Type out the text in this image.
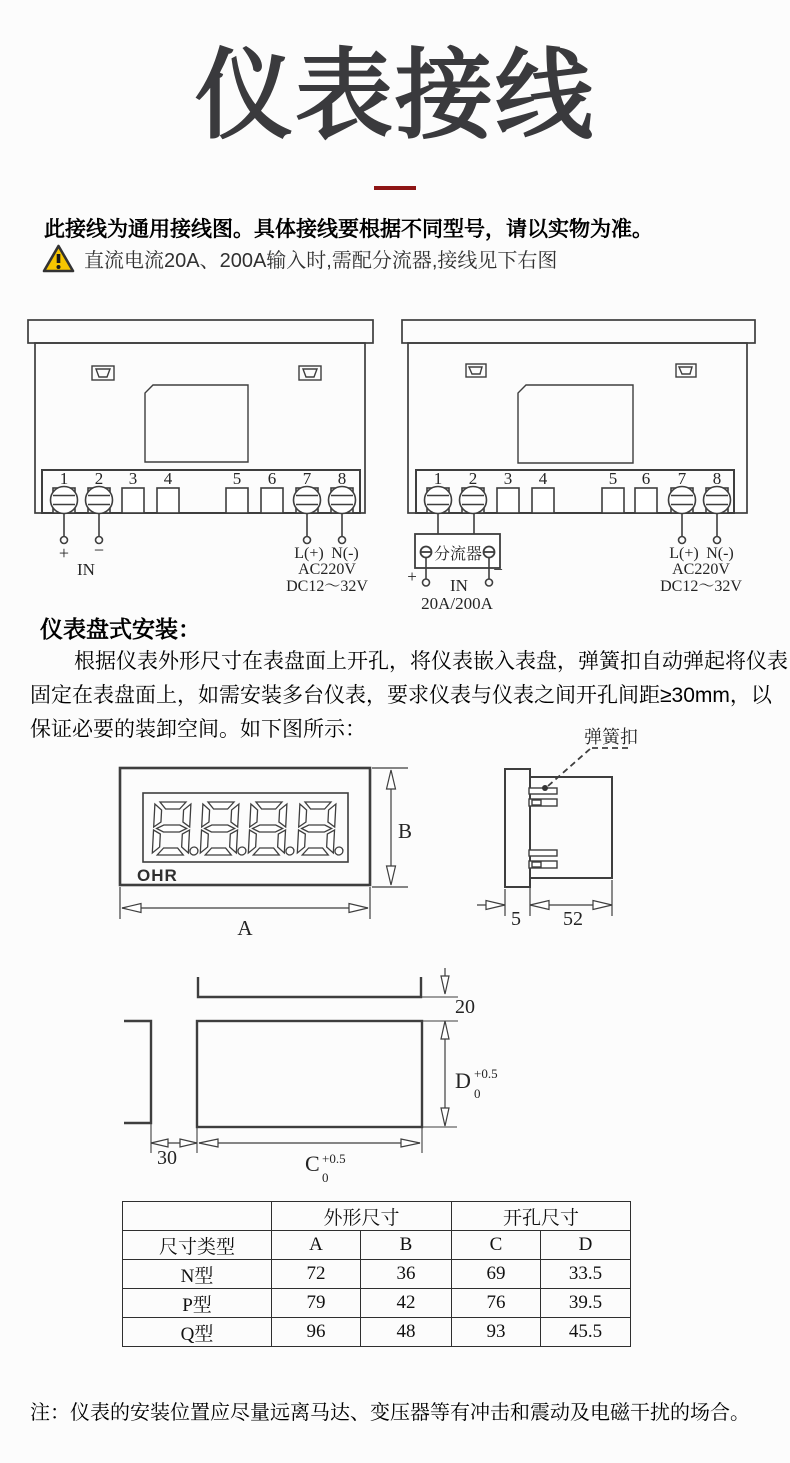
仪表接线
此接线为通用接线图。具体接线要根据不同型号，请以实物为准。
直流电流20A、200A输入时,需配分流器,接线见下右图
仪表盘式安装：
根据仪表外形尺寸在表盘面上开孔，将仪表嵌入表盘，弹簧扣自动弹起将仪表
固定在表盘面上，如需安装多台仪表，要求仪表与仪表之间开孔间距≥30mm，以
保证必要的装卸空间。如下图所示：
	外形尺寸		开孔尺寸	
尺寸类型	A	B	C	D
N型	72	36	69	33.5
P型	79	42	76	39.5
Q型	96	48	93	45.5
注：仪表的安装位置应尽量远离马达、变压器等有冲击和震动及电磁干扰的场合。
1 2 3 4	5 6 7 8
+ −
IN
L(+) N(-)
AC220V
DC12～32V
1 2 3 4	5 6 7 8
分流器
+	−
IN
20A/200A
L(+) N(-)
AC220V
DC12～32V
OHR
B
A
弹簧扣
5 52
20
D +0.5
0
30	C +0.5
0
